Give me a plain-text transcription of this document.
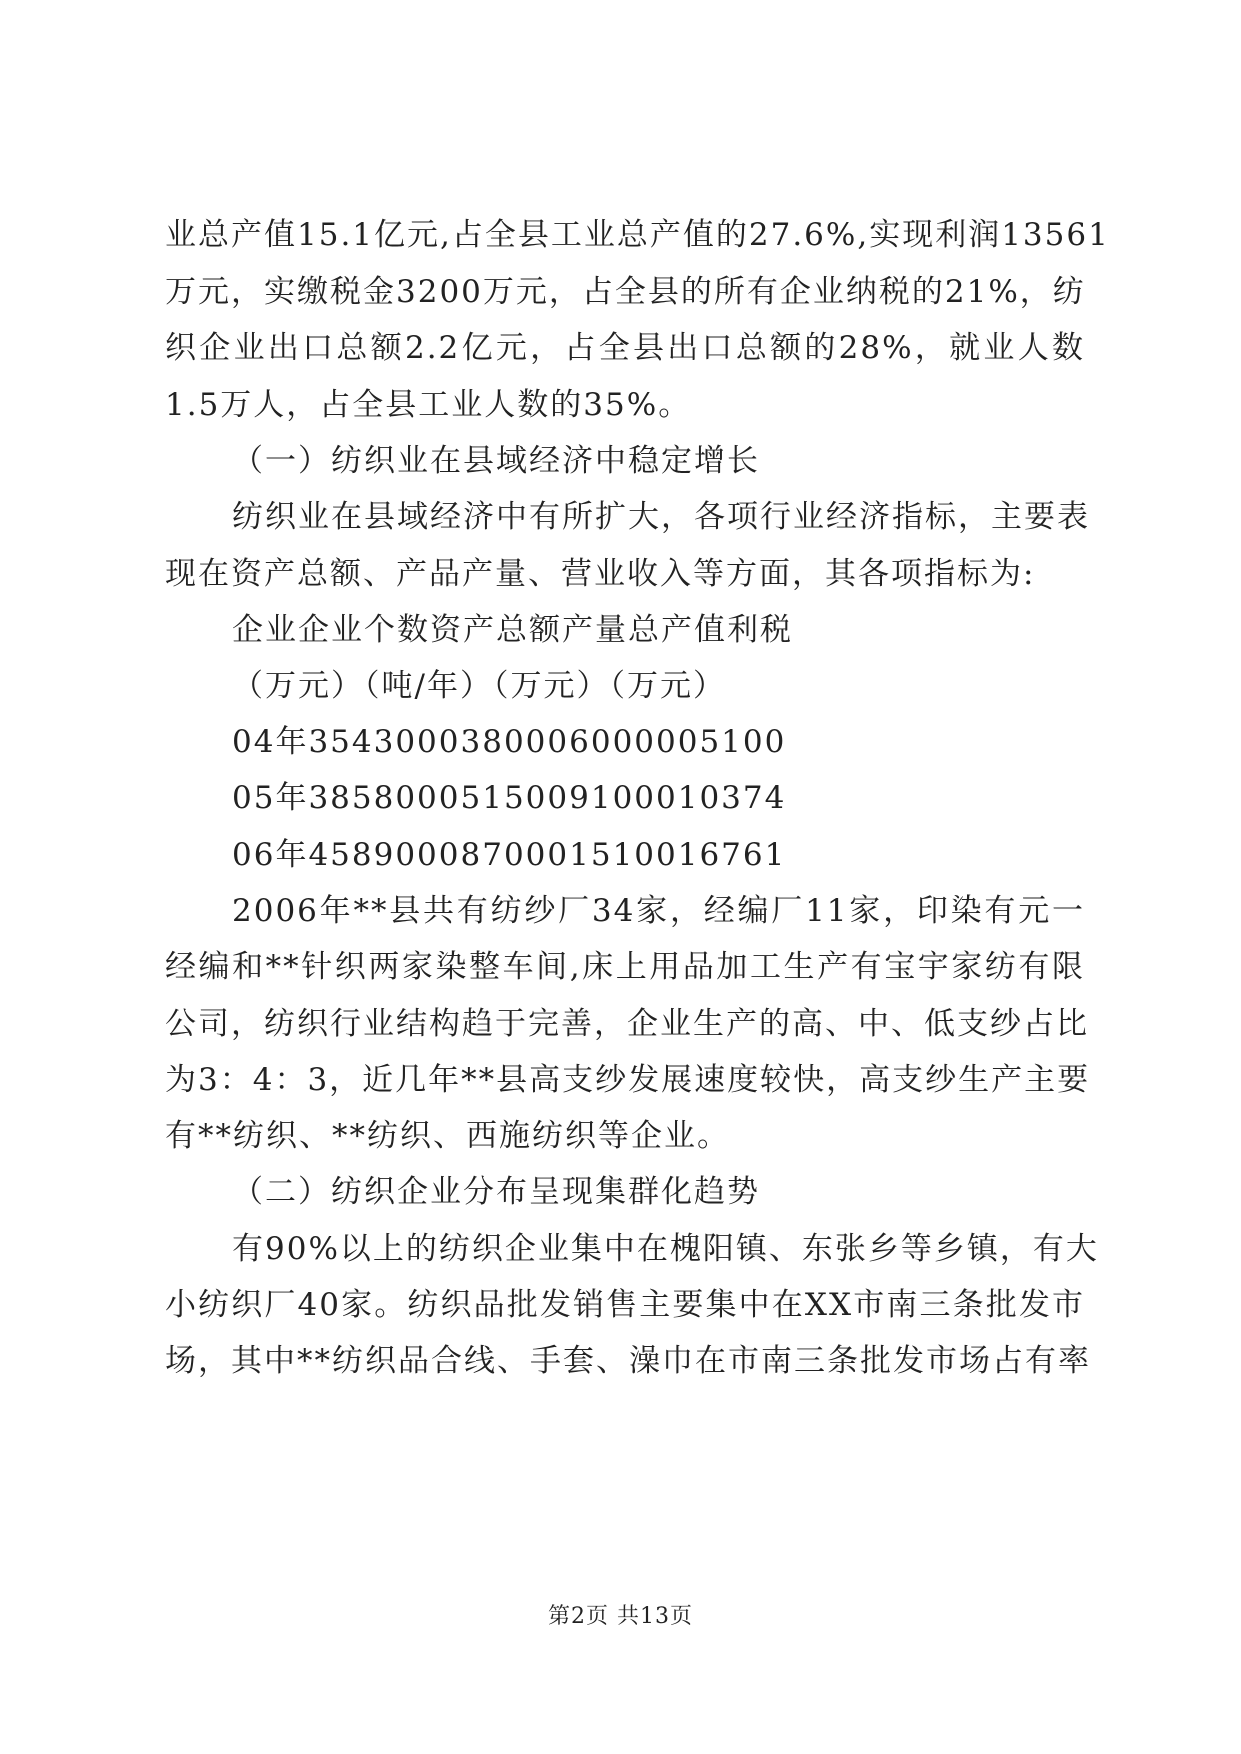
业总产值15.1亿元,占全县工业总产值的27.6%,实现利润13561
万元，实缴税金3200万元，占全县的所有企业纳税的21%，纺
织企业出口总额2.2亿元，占全县出口总额的28%，就业人数
1.5万人，占全县工业人数的35%。
（一）纺织业在县域经济中稳定增长
纺织业在县域经济中有所扩大，各项行业经济指标，主要表
现在资产总额、产品产量、营业收入等方面，其各项指标为:
企业企业个数资产总额产量总产值利税
（万元）（吨/年）（万元）（万元）
04年3543000380006000005100
05年3858000515009100010374
06年4589000870001510016761
2006年**县共有纺纱厂34家，经编厂11家，印染有元一
经编和**针织两家染整车间,床上用品加工生产有宝宇家纺有限
公司，纺织行业结构趋于完善，企业生产的高、中、低支纱占比
为3：4：3，近几年**县高支纱发展速度较快，高支纱生产主要
有**纺织、**纺织、西施纺织等企业。
（二）纺织企业分布呈现集群化趋势
有90%以上的纺织企业集中在槐阳镇、东张乡等乡镇，有大
小纺织厂40家。纺织品批发销售主要集中在XX市南三条批发市
场，其中**纺织品合线、手套、澡巾在市南三条批发市场占有率
第2页 共13页
